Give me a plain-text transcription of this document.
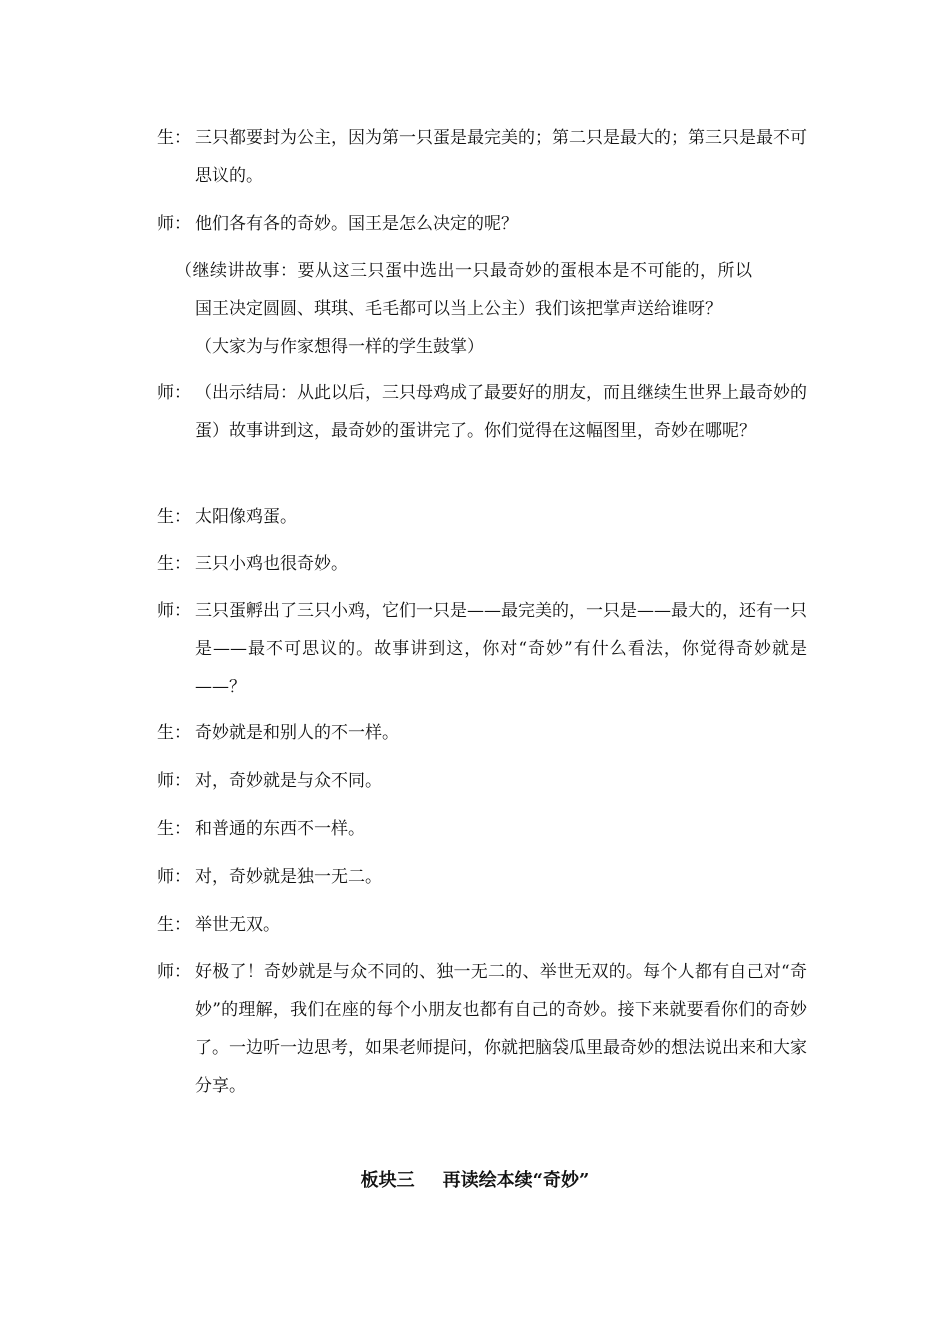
生： 三只都要封为公主，因为第一只蛋是最完美的；第二只是最大的；第三只是最不可思议的。
师： 他们各有各的奇妙。国王是怎么决定的呢？
（继续讲故事：要从这三只蛋中选出一只最奇妙的蛋根本是不可能的，所以
国王决定圆圆、琪琪、毛毛都可以当上公主）我们该把掌声送给谁呀？
（大家为与作家想得一样的学生鼓掌）
师： （出示结局：从此以后，三只母鸡成了最要好的朋友，而且继续生世界上最奇妙的蛋）故事讲到这，最奇妙的蛋讲完了。你们觉得在这幅图里，奇妙在哪呢？
生： 太阳像鸡蛋。
生： 三只小鸡也很奇妙。
师： 三只蛋孵出了三只小鸡，它们一只是——最完美的，一只是——最大的，还有一只是——最不可思议的。故事讲到这，你对“奇妙”有什么看法，你觉得奇妙就是——？
生： 奇妙就是和别人的不一样。
师： 对，奇妙就是与众不同。
生： 和普通的东西不一样。
师： 对，奇妙就是独一无二。
生： 举世无双。
师： 好极了！奇妙就是与众不同的、独一无二的、举世无双的。每个人都有自己对“奇妙”的理解，我们在座的每个小朋友也都有自己的奇妙。接下来就要看你们的奇妙了。一边听一边思考，如果老师提问，你就把脑袋瓜里最奇妙的想法说出来和大家分享。
板块三 再读绘本续“奇妙”
